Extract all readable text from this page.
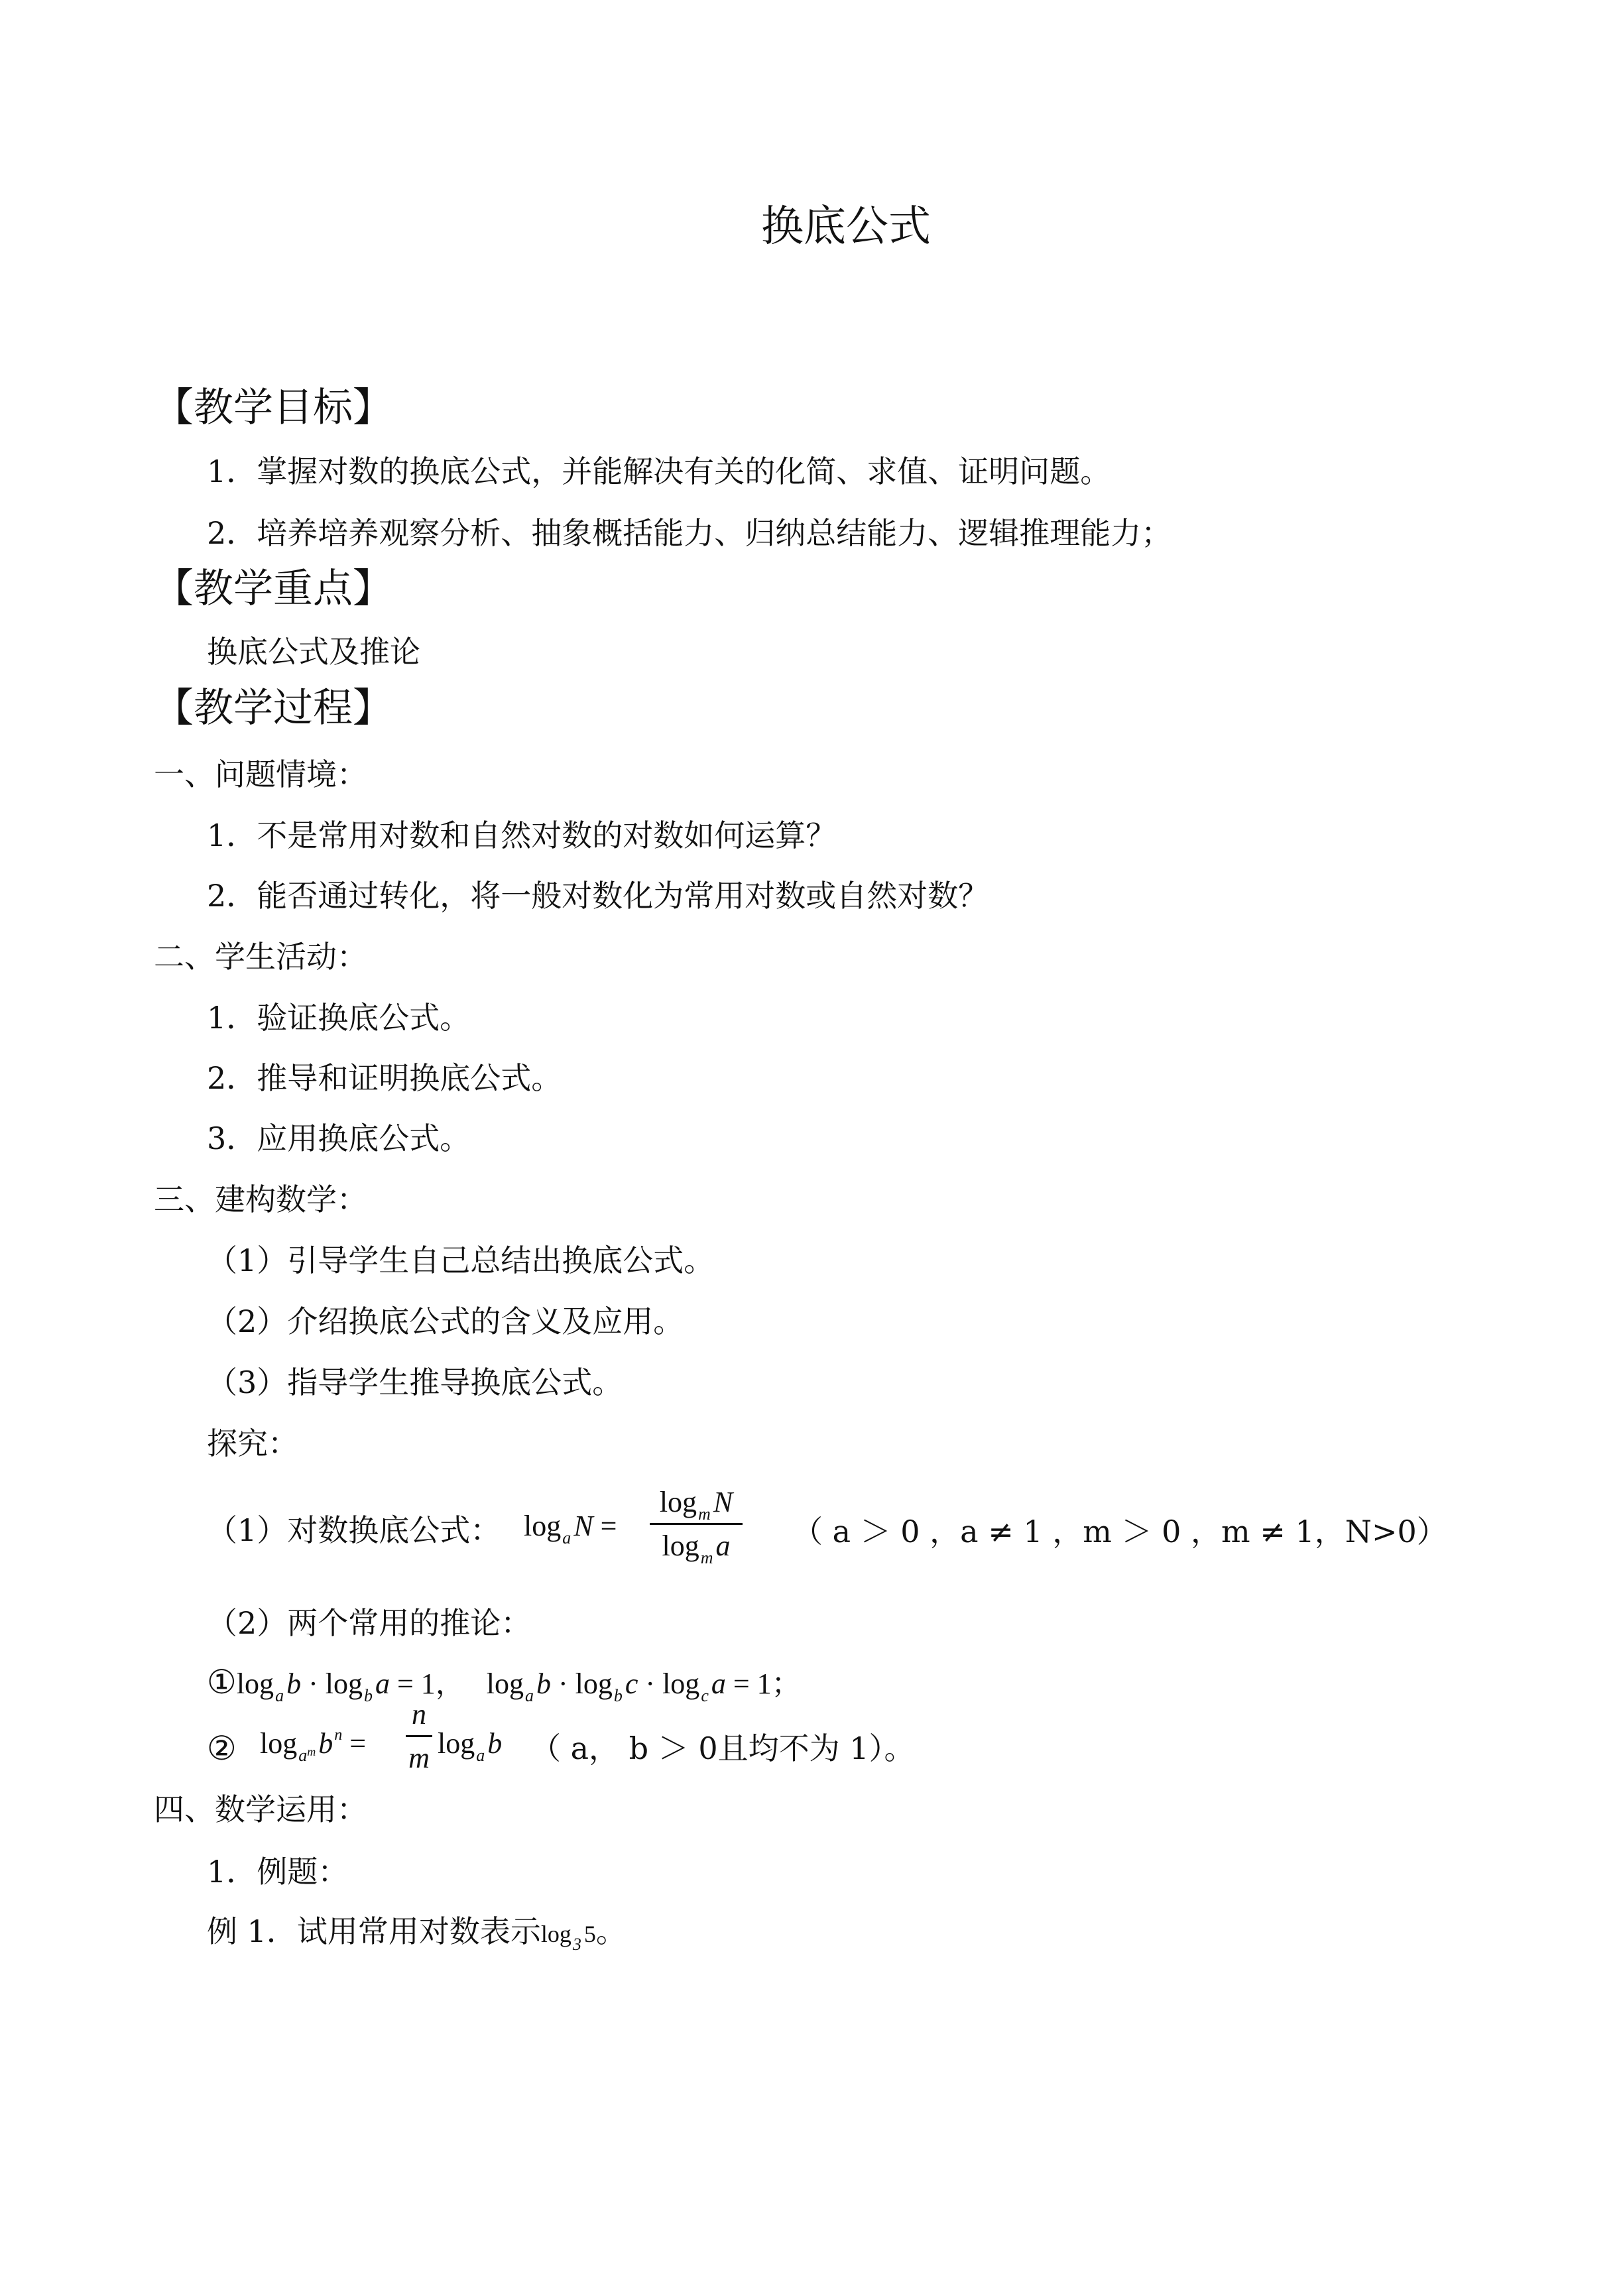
换底公式
【教学目标】
1．掌握对数的换底公式，并能解决有关的化简、求值、证明问题。
2．培养培养观察分析、抽象概括能力、归纳总结能力、逻辑推理能力；
【教学重点】
换底公式及推论
【教学过程】
一、问题情境：
1．不是常用对数和自然对数的对数如何运算？
2．能否通过转化，将一般对数化为常用对数或自然对数？
二、学生活动：
1．验证换底公式。
2．推导和证明换底公式。
3．应用换底公式。
三、建构数学：
（1）引导学生自己总结出换底公式。
（2）介绍换底公式的含义及应用。
（3）指导学生推导换底公式。
探究：
（1）对数换底公式： $\log_aN$ =
$\log_mN$
$\log_ma$	（ a ＞ 0 ，a ≠ 1 ，m ＞ 0 ，m ≠ 1，N>0）
（2）两个常用的推论：
$①\log_ab \cdot \log_ba = 1$，   $\log_ab \cdot \log_bc \cdot \log_ca = 1$；
② $\log_{a^m}b^n$ =
n
m $\log_ab$ （ a， b ＞ 0且均不为 1）。
四、数学运用：
1．例题：
例 1．试用常用对数表示$\log_3 5$。
